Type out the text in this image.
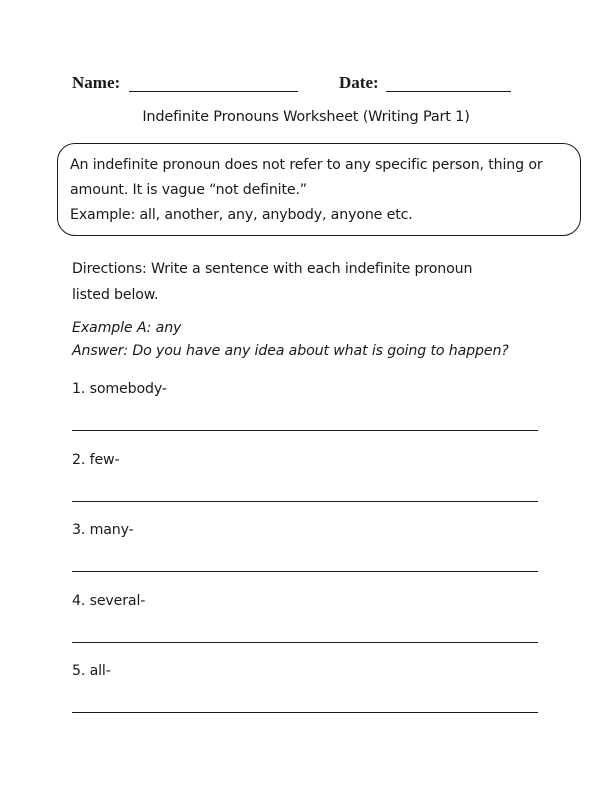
Name:	Date:
Indefinite Pronouns Worksheet (Writing Part 1)
An indefinite pronoun does not refer to any specific person, thing or
amount. It is vague “not definite.”
Example: all, another, any, anybody, anyone etc.
Directions: Write a sentence with each indefinite pronoun
listed below.
Example A: any
Answer: Do you have any idea about what is going to happen?
1. somebody-
2. few-
3. many-
4. several-
5. all-
